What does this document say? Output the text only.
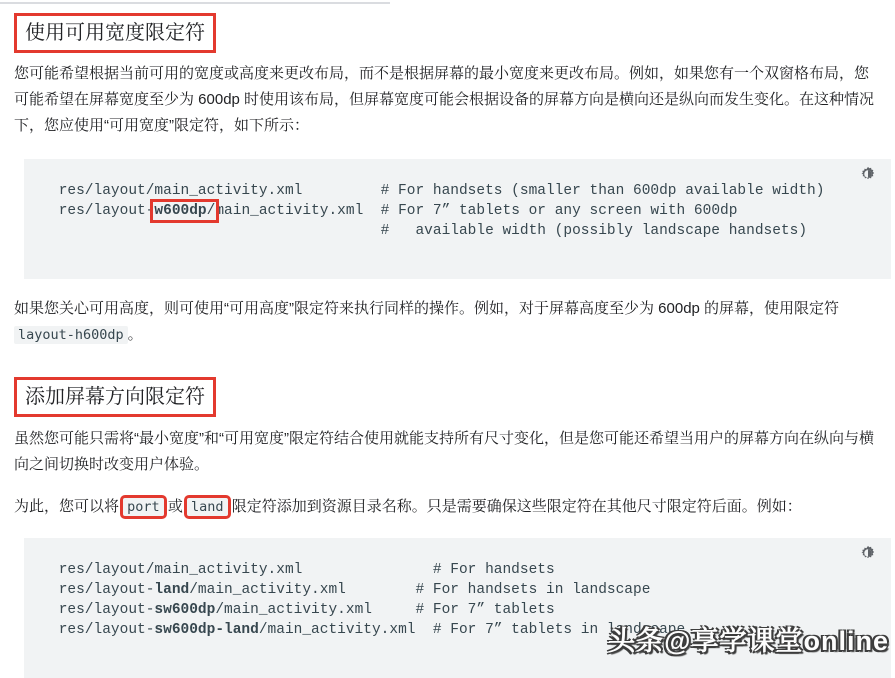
使用可用宽度限定符

您可能希望根据当前可用的宽度或高度来更改布局，而不是根据屏幕的最小宽度来更改布局。例如，如果您有一个双窗格布局，您可能希望在屏幕宽度至少为 600dp 时使用该布局，但屏幕宽度可能会根据设备的屏幕方向是横向还是纵向而发生变化。在这种情况下，您应使用“可用宽度”限定符，如下所示：

res/layout/main_activity.xml         # For handsets (smaller than 600dp available width)
res/layout-w600dp/main_activity.xml  # For 7” tablets or any screen with 600dp
#   available width (possibly landscape handsets)

如果您关心可用高度，则可使用“可用高度”限定符来执行同样的操作。例如，对于屏幕高度至少为 600dp 的屏幕，使用限定符 layout-h600dp 。

添加屏幕方向限定符

虽然您可能只需将“最小宽度”和“可用宽度”限定符结合使用就能支持所有尺寸变化，但是您可能还希望当用户的屏幕方向在纵向与横向之间切换时改变用户体验。

为此，您可以将 port 或 land 限定符添加到资源目录名称。只是需要确保这些限定符在其他尺寸限定符后面。例如：

res/layout/main_activity.xml               # For handsets
res/layout-land/main_activity.xml        # For handsets in landscape
res/layout-sw600dp/main_activity.xml     # For 7” tablets
res/layout-sw600dp-land/main_activity.xml  # For 7” tablets in landscape
头条@享学课堂online
